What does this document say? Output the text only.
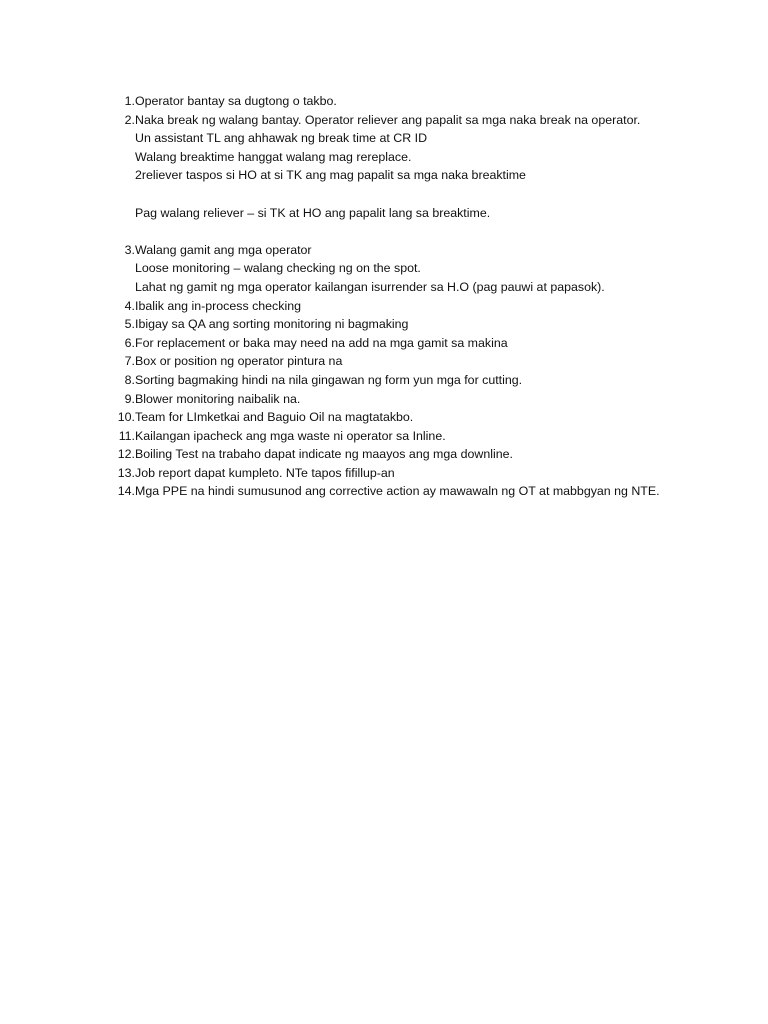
1. Operator bantay sa dugtong o takbo.
2. Naka break ng walang bantay. Operator reliever ang papalit sa mga naka break na operator.
Un assistant TL ang ahhawak ng break time at CR ID
Walang breaktime hanggat walang mag rereplace.
2reliever taspos si HO at si TK ang mag papalit sa mga naka breaktime
Pag walang reliever – si TK at HO ang papalit lang sa breaktime.
3. Walang gamit ang mga operator
Loose monitoring – walang checking ng on the spot.
Lahat ng gamit ng mga operator kailangan isurrender sa H.O (pag pauwi at papasok).
4. Ibalik ang in-process checking
5. Ibigay sa QA ang sorting monitoring ni bagmaking
6. For replacement or baka may need na add na mga gamit sa makina
7. Box or position ng operator pintura na
8. Sorting bagmaking hindi na nila gingawan ng form yun mga for cutting.
9. Blower monitoring naibalik na.
10. Team for LImketkai and Baguio Oil na magtatakbo.
11. Kailangan ipacheck ang mga waste ni operator sa Inline.
12. Boiling Test na trabaho dapat indicate ng maayos ang mga downline.
13. Job report dapat kumpleto. NTe tapos fifillup-an
14. Mga PPE na hindi sumusunod ang corrective action ay mawawaln ng OT at mabbgyan ng NTE.
